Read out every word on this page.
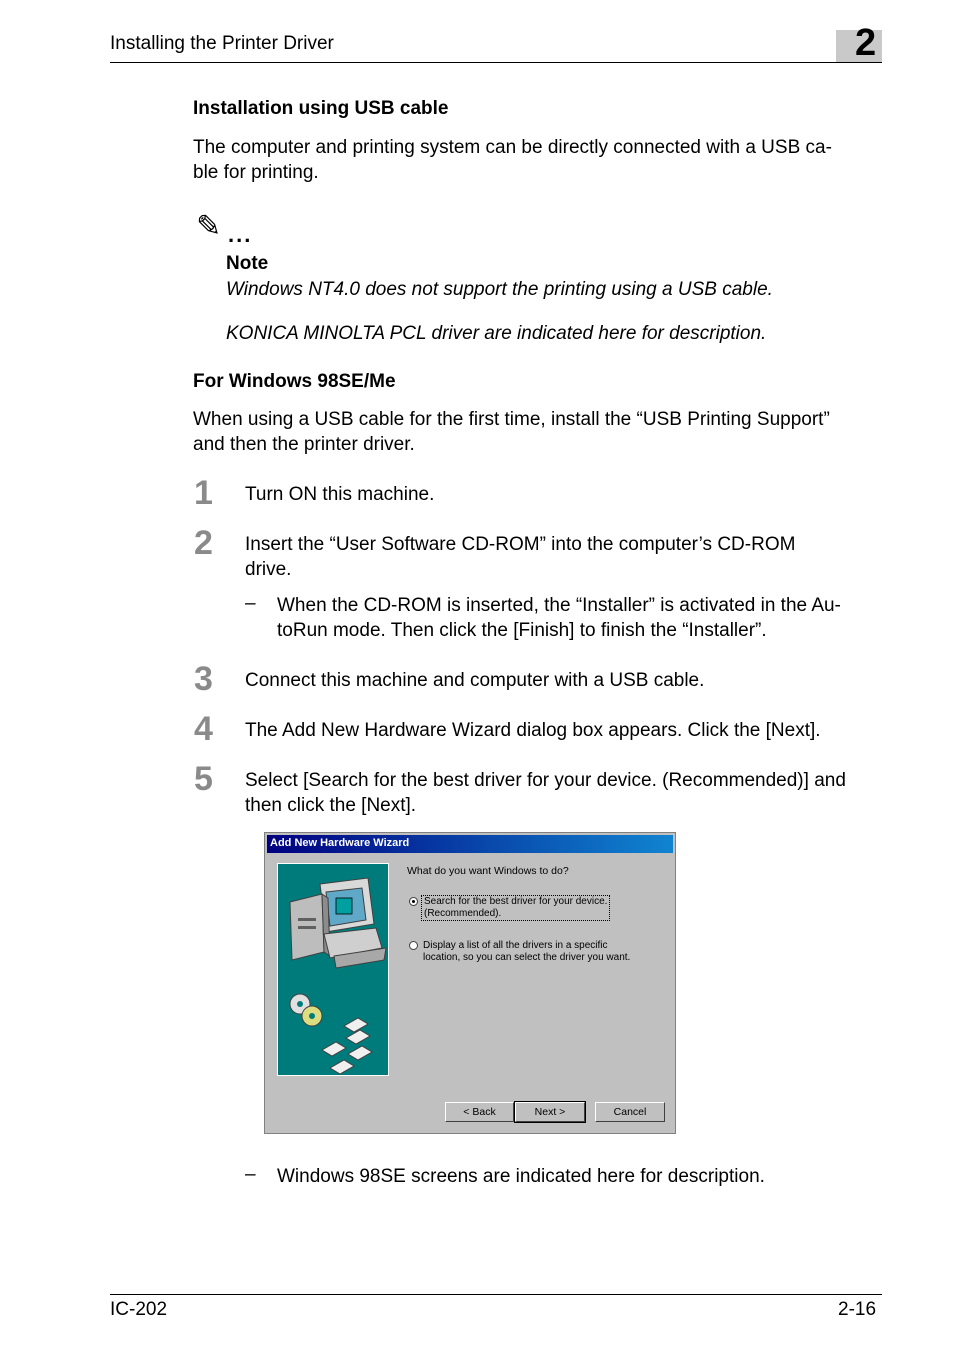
Installing the Printer Driver	2
Installation using USB cable
The computer and printing system can be directly connected with a USB ca-
ble for printing.
✎ ...
Note
Windows NT4.0 does not support the printing using a USB cable.
KONICA MINOLTA PCL driver are indicated here for description.
For Windows 98SE/Me
When using a USB cable for the first time, install the “USB Printing Support”
and then the printer driver.
1 Turn ON this machine.
2 Insert the “User Software CD-ROM” into the computer’s CD-ROM
drive.
– When the CD-ROM is inserted, the “Installer” is activated in the Au-
toRun mode. Then click the [Finish] to finish the “Installer”.
3 Connect this machine and computer with a USB cable.
4 The Add New Hardware Wizard dialog box appears. Click the [Next].
5 Select [Search for the best driver for your device. (Recommended)] and
then click the [Next].
Add New Hardware Wizard
What do you want Windows to do?
Search for the best driver for your device.
(Recommended).
Display a list of all the drivers in a specific
location, so you can select the driver you want.
< Back	Next >	Cancel
– Windows 98SE screens are indicated here for description.
IC-202	2-16
